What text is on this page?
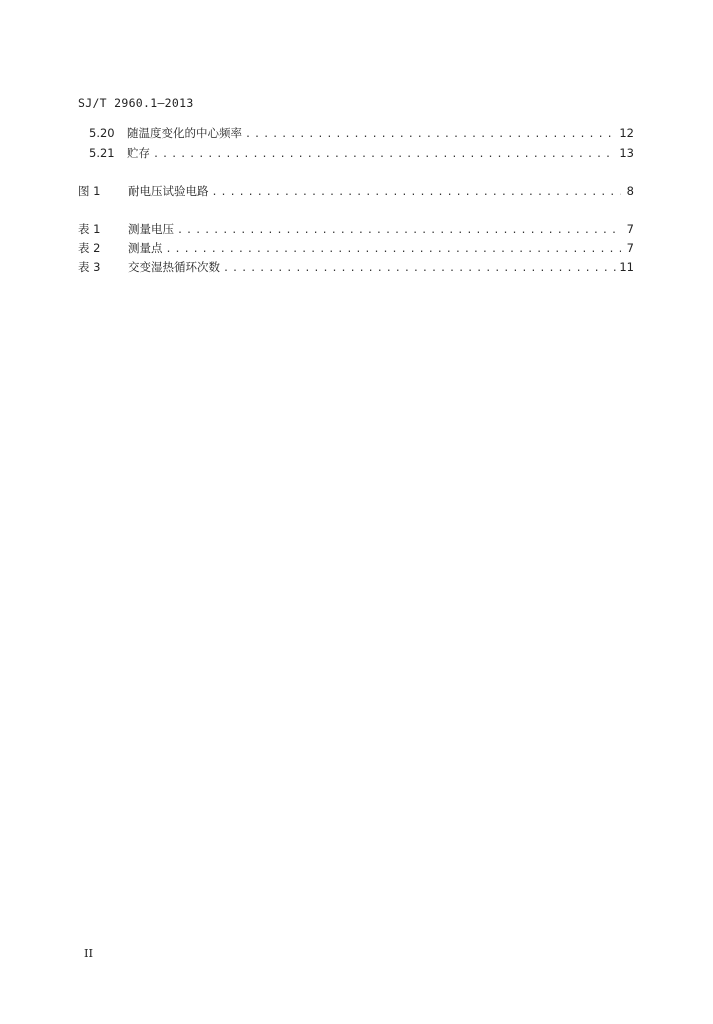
SJ/T 2960.1—2013
5.20	随温度变化的中心频率 . . .	12
5.21	贮存 . . .	13
图 1	耐电压试验电路 . . .	8
表 1	测量电压 . . .	7
表 2	测量点 . . .	7
表 3	交变湿热循环次数 . . .	11
II
